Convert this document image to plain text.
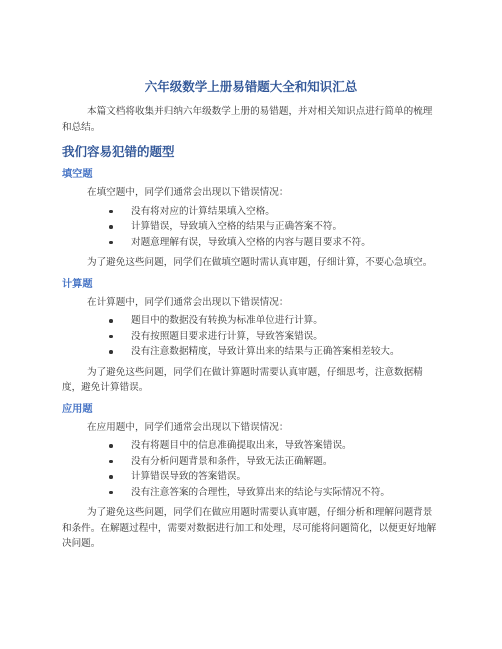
六年级数学上册易错题大全和知识汇总

本篇文档将收集并归纳六年级数学上册的易错题，并对相关知识点进行简单的梳理和总结。

我们容易犯错的题型
填空题

在填空题中，同学们通常会出现以下错误情况：

没有将对应的计算结果填入空格。
计算错误，导致填入空格的结果与正确答案不符。
对题意理解有误，导致填入空格的内容与题目要求不符。

为了避免这些问题，同学们在做填空题时需认真审题，仔细计算，不要心急填空。

计算题

在计算题中，同学们通常会出现以下错误情况：

题目中的数据没有转换为标准单位进行计算。
没有按照题目要求进行计算，导致答案错误。
没有注意数据精度，导致计算出来的结果与正确答案相差较大。

为了避免这些问题，同学们在做计算题时需要认真审题，仔细思考，注意数据精度，避免计算错误。

应用题

在应用题中，同学们通常会出现以下错误情况：

没有将题目中的信息准确提取出来，导致答案错误。
没有分析问题背景和条件，导致无法正确解题。
计算错误导致的答案错误。
没有注意答案的合理性，导致算出来的结论与实际情况不符。

为了避免这些问题，同学们在做应用题时需要认真审题，仔细分析和理解问题背景和条件。在解题过程中，需要对数据进行加工和处理，尽可能将问题简化，以便更好地解决问题。
